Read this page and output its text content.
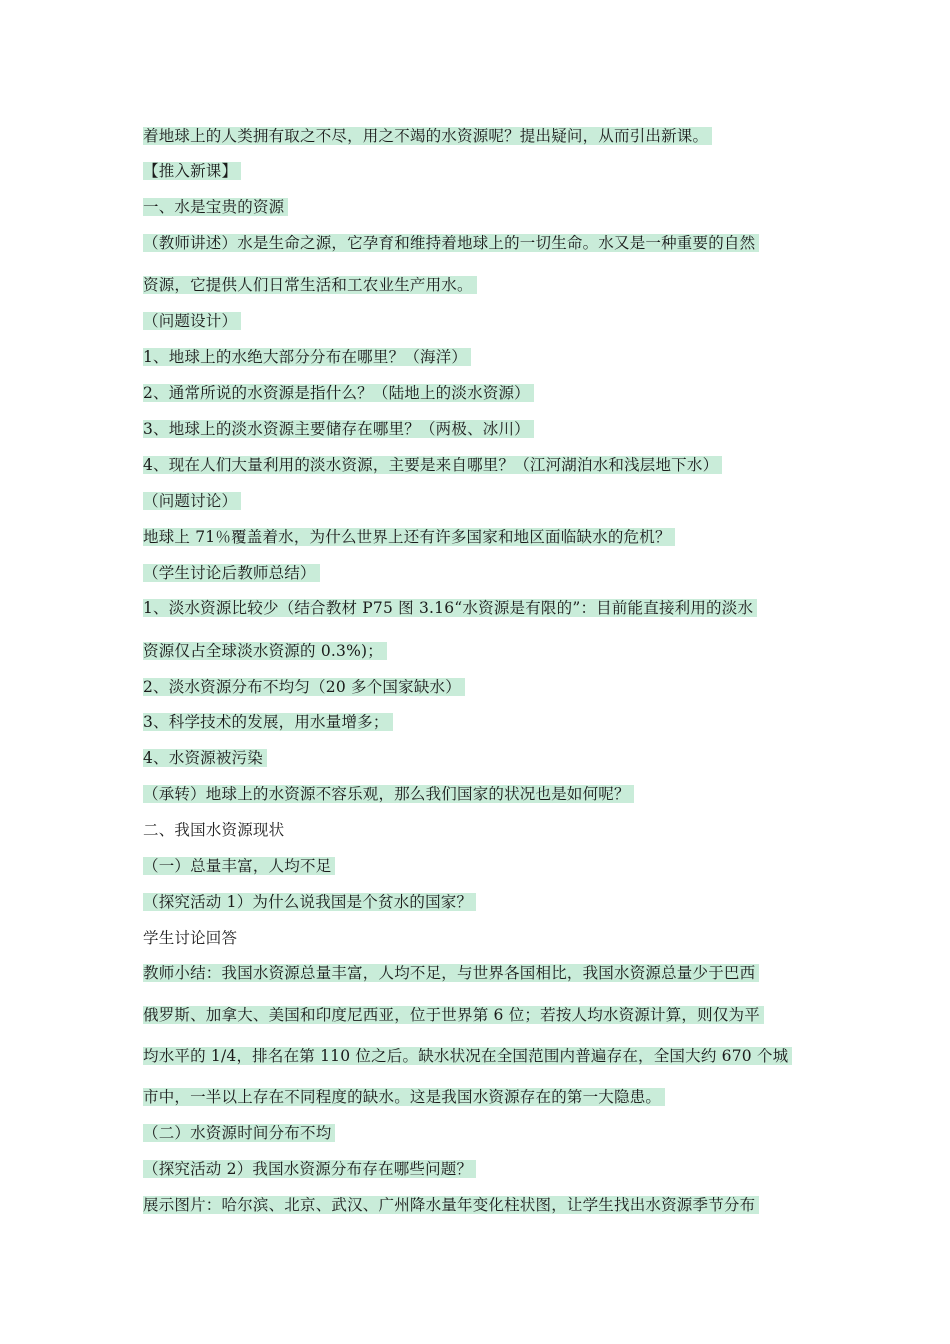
着地球上的人类拥有取之不尽，用之不竭的水资源呢？提出疑问，从而引出新课。
【推入新课】
一、水是宝贵的资源
（教师讲述）水是生命之源，它孕育和维持着地球上的一切生命。水又是一种重要的自然
资源，它提供人们日常生活和工农业生产用水。
（问题设计）
1、地球上的水绝大部分分布在哪里？（海洋）
2、通常所说的水资源是指什么？（陆地上的淡水资源）
3、地球上的淡水资源主要储存在哪里？（两极、冰川）
4、现在人们大量利用的淡水资源，主要是来自哪里？（江河湖泊水和浅层地下水）
（问题讨论）
地球上 71％覆盖着水，为什么世界上还有许多国家和地区面临缺水的危机？
（学生讨论后教师总结）
1、淡水资源比较少（结合教材 P75 图 3.16“水资源是有限的”：目前能直接利用的淡水
资源仅占全球淡水资源的 0.3%)；
2、淡水资源分布不均匀（20 多个国家缺水）
3、科学技术的发展，用水量增多；
4、水资源被污染
（承转）地球上的水资源不容乐观，那么我们国家的状况也是如何呢？
二、我国水资源现状
（一）总量丰富，人均不足
（探究活动 1）为什么说我国是个贫水的国家？
学生讨论回答
教师小结：我国水资源总量丰富，人均不足，与世界各国相比，我国水资源总量少于巴西
俄罗斯、加拿大、美国和印度尼西亚，位于世界第 6 位；若按人均水资源计算，则仅为平
均水平的 1/4，排名在第 110 位之后。缺水状况在全国范围内普遍存在，全国大约 670 个城
市中，一半以上存在不同程度的缺水。这是我国水资源存在的第一大隐患。
（二）水资源时间分布不均
（探究活动 2）我国水资源分布存在哪些问题？
展示图片：哈尔滨、北京、武汉、广州降水量年变化柱状图，让学生找出水资源季节分布
